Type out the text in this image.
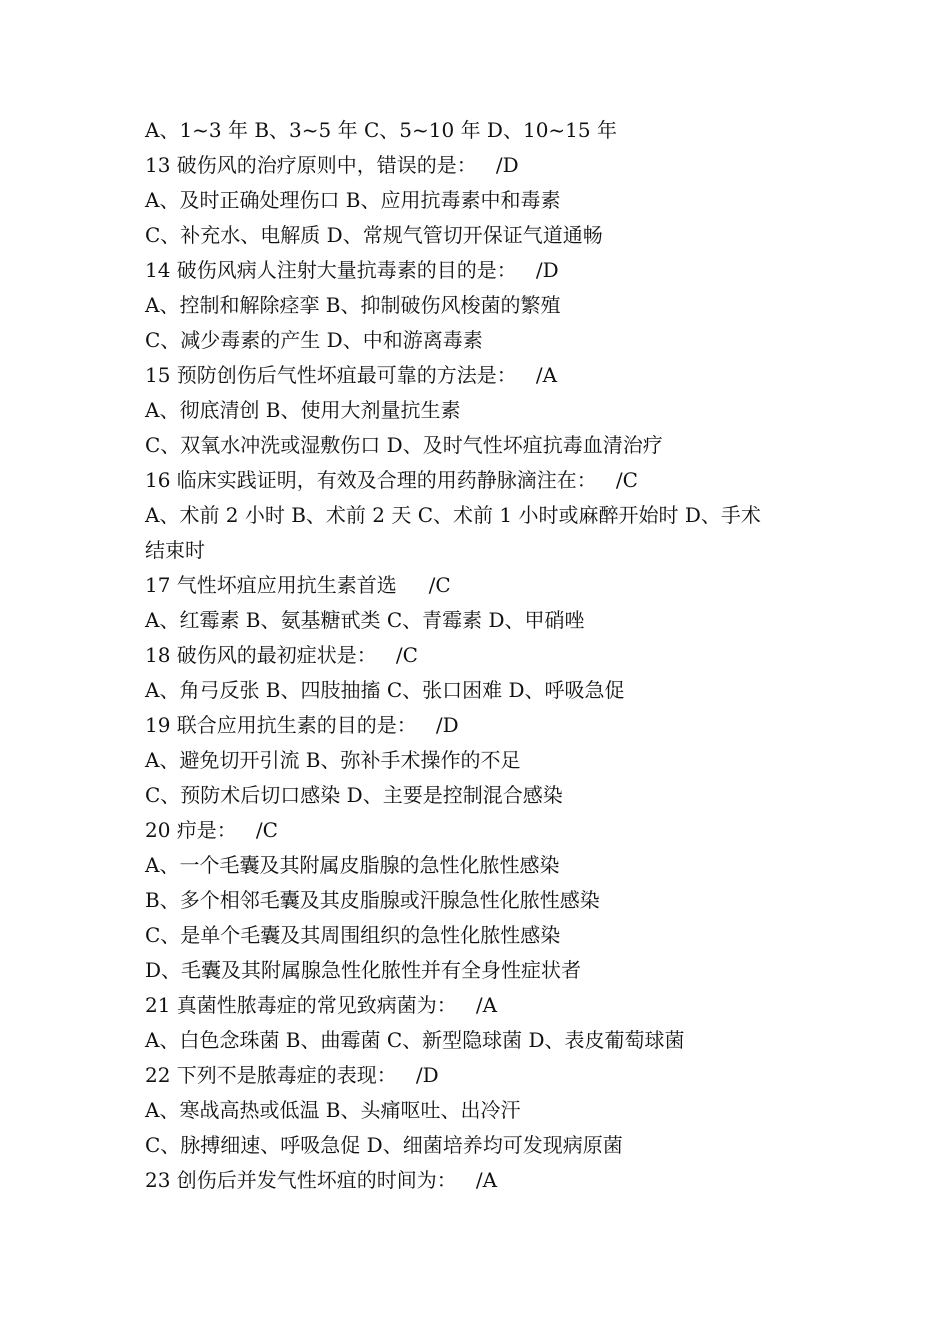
A、1~3 年 B、3~5 年 C、5~10 年 D、10~15 年
13 破伤风的治疗原则中，错误的是：   /D
A、及时正确处理伤口 B、应用抗毒素中和毒素
C、补充水、电解质 D、常规气管切开保证气道通畅
14 破伤风病人注射大量抗毒素的目的是：   /D
A、控制和解除痉挛 B、抑制破伤风梭菌的繁殖
C、减少毒素的产生 D、中和游离毒素
15 预防创伤后气性坏疽最可靠的方法是：   /A
A、彻底清创 B、使用大剂量抗生素
C、双氧水冲洗或湿敷伤口 D、及时气性坏疽抗毒血清治疗
16 临床实践证明，有效及合理的用药静脉滴注在：   /C
A、术前 2 小时 B、术前 2 天 C、术前 1 小时或麻醉开始时 D、手术
结束时
17 气性坏疽应用抗生素首选     /C
A、红霉素 B、氨基糖甙类 C、青霉素 D、甲硝唑
18 破伤风的最初症状是：   /C
A、角弓反张 B、四肢抽搐 C、张口困难 D、呼吸急促
19 联合应用抗生素的目的是：   /D
A、避免切开引流 B、弥补手术操作的不足
C、预防术后切口感染 D、主要是控制混合感染
20 疖是：   /C
A、一个毛囊及其附属皮脂腺的急性化脓性感染
B、多个相邻毛囊及其皮脂腺或汗腺急性化脓性感染
C、是单个毛囊及其周围组织的急性化脓性感染
D、毛囊及其附属腺急性化脓性并有全身性症状者
21 真菌性脓毒症的常见致病菌为：   /A
A、白色念珠菌 B、曲霉菌 C、新型隐球菌 D、表皮葡萄球菌
22 下列不是脓毒症的表现：   /D
A、寒战高热或低温 B、头痛呕吐、出冷汗
C、脉搏细速、呼吸急促 D、细菌培养均可发现病原菌
23 创伤后并发气性坏疽的时间为：   /A
